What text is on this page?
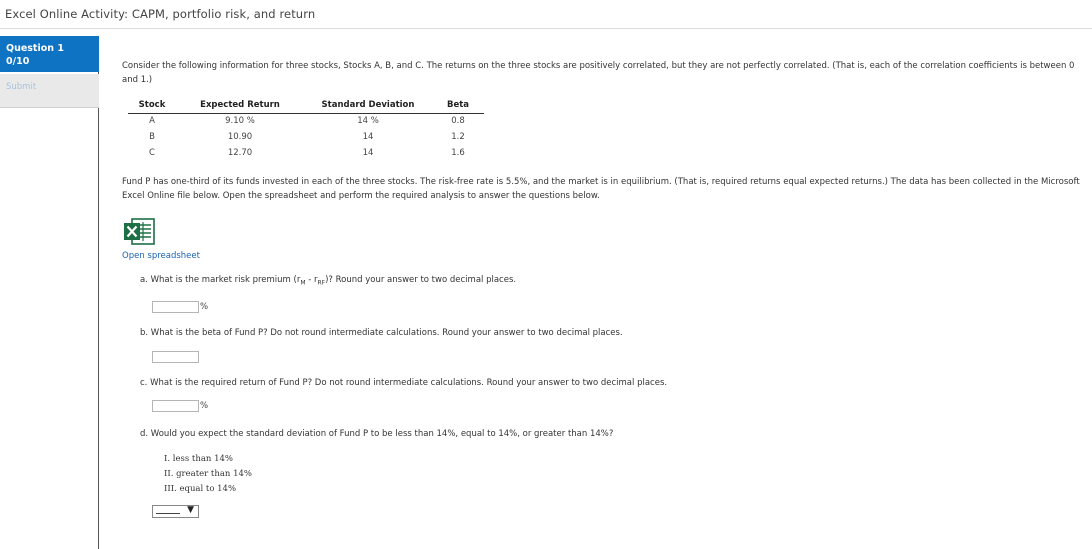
Excel Online Activity: CAPM, portfolio risk, and return
Question 1
0/10
Submit
Consider the following information for three stocks, Stocks A, B, and C. The returns on the three stocks are positively correlated, but they are not perfectly correlated. (That is, each of the correlation coefficients is between 0 and 1.)
Stock	Expected Return	Standard Deviation	Beta
A	9.10 %	14 %	0.8
B	10.90	14	1.2
C	12.70	14	1.6
Fund P has one-third of its funds invested in each of the three stocks. The risk-free rate is 5.5%, and the market is in equilibrium. (That is, required returns equal expected returns.) The data has been collected in the Microsoft Excel Online file below. Open the spreadsheet and perform the required analysis to answer the questions below.
Open spreadsheet
a. What is the market risk premium $(r_M - r_{RF})$? Round your answer to two decimal places.
%
b. What is the beta of Fund P? Do not round intermediate calculations. Round your answer to two decimal places.
c. What is the required return of Fund P? Do not round intermediate calculations. Round your answer to two decimal places.
%
d. Would you expect the standard deviation of Fund P to be less than 14%, equal to 14%, or greater than 14%?
I. less than 14%
II. greater than 14%
III. equal to 14%
▼
